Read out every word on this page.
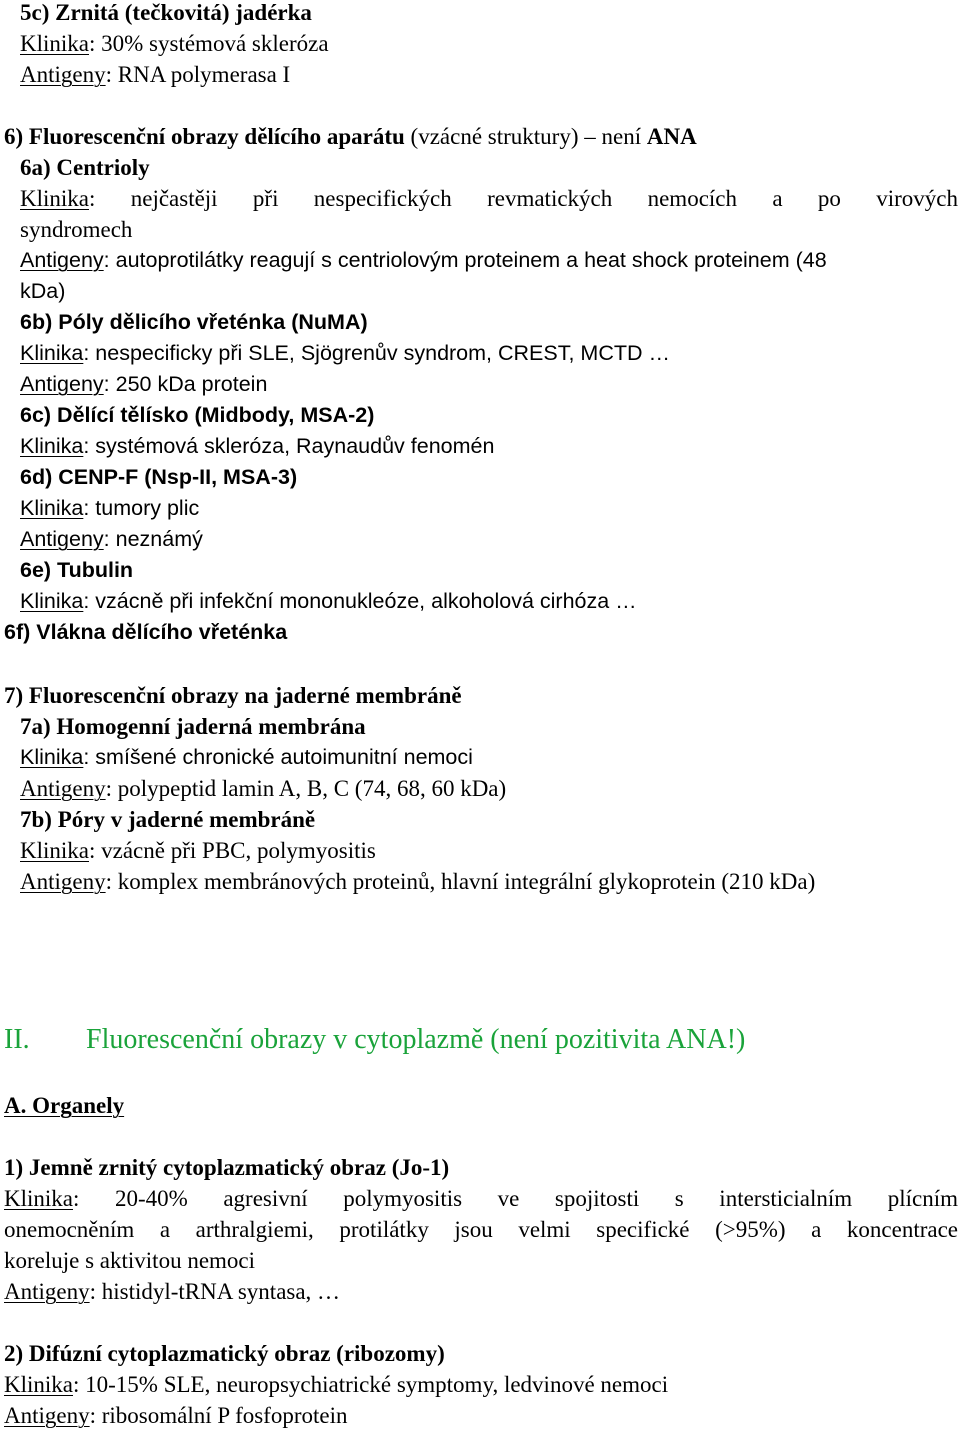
5c) Zrnitá (tečkovitá) jadérka
Klinika: 30% systémová skleróza
Antigeny: RNA polymerasa I
6) Fluorescenční obrazy dělícího aparátu (vzácné struktury) – není ANA
6a) Centrioly
Klinika: nejčastěji při nespecifických revmatických nemocích a po virových
syndromech
Antigeny: autoprotilátky reagují s centriolovým proteinem a heat shock proteinem (48
kDa)
6b) Póly dělicího vřeténka (NuMA)
Klinika: nespecificky při SLE, Sjögrenův syndrom, CREST, MCTD …
Antigeny: 250 kDa protein
6c) Dělící tělísko (Midbody, MSA-2)
Klinika: systémová skleróza, Raynaudův fenomén
6d) CENP-F (Nsp-II, MSA-3)
Klinika: tumory plic
Antigeny: neznámý
6e) Tubulin
Klinika: vzácně při infekční mononukleóze, alkoholová cirhóza …
6f) Vlákna dělícího vřeténka
7) Fluorescenční obrazy na jaderné membráně
7a) Homogenní jaderná membrána
Klinika: smíšené chronické autoimunitní nemoci
Antigeny: polypeptid lamin A, B, C (74, 68, 60 kDa)
7b) Póry v jaderné membráně
Klinika: vzácně při PBC, polymyositis
Antigeny: komplex membránových proteinů, hlavní integrální glykoprotein (210 kDa)
II. Fluorescenční obrazy v cytoplazmě (není pozitivita ANA!)
A. Organely
1) Jemně zrnitý cytoplazmatický obraz (Jo-1)
Klinika: 20-40% agresivní polymyositis ve spojitosti s intersticialním plícním
onemocněním a arthralgiemi, protilátky jsou velmi specifické (>95%) a koncentrace
koreluje s aktivitou nemoci
Antigeny: histidyl-tRNA syntasa, …
2) Difúzní cytoplazmatický obraz (ribozomy)
Klinika: 10-15% SLE, neuropsychiatrické symptomy, ledvinové nemoci
Antigeny: ribosomální P fosfoprotein
